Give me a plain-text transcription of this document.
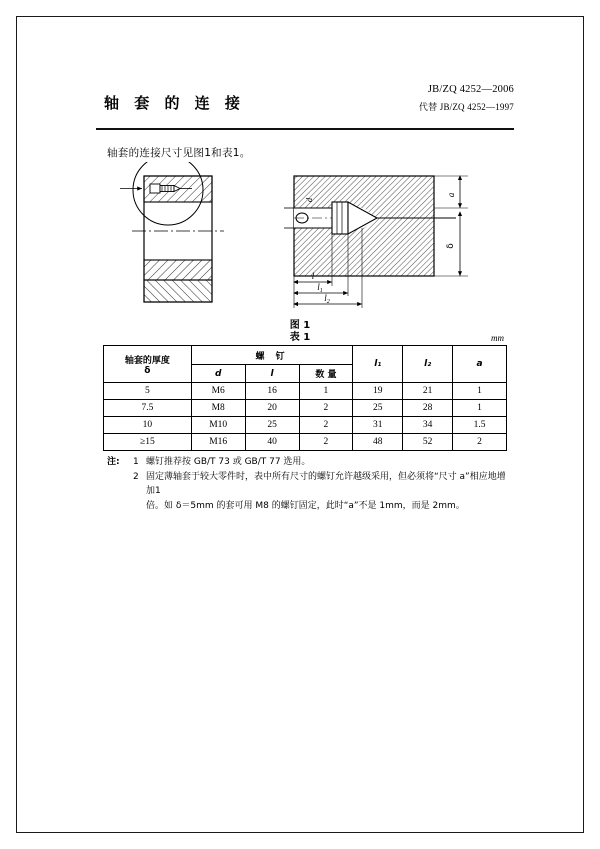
轴 套 的 连 接
JB/ZQ 4252—2006
代替 JB/ZQ 4252—1997
轴套的连接尺寸见图1和表1。
a
δ
l
$l_1$
$l_2$
d
图 1
表 1	mm
轴套的厚度
δ	螺 钉			l₁	l₂	a
	d	l	数 量			
5	M6	16	1	19	21	1
7.5	M8	20	2	25	28	1
10	M10	25	2	31	34	1.5
≥15	M16	40	2	48	52	2
注:	1 螺钉推荐按 GB/T 73 或 GB/T 77 选用。
2 固定薄轴套于较大零件时，表中所有尺寸的螺钉允许越级采用，但必须将“尺寸 a”相应地增加1
倍。如 δ＝5mm 的套可用 M8 的螺钉固定，此时“a”不是 1mm，而是 2mm。
